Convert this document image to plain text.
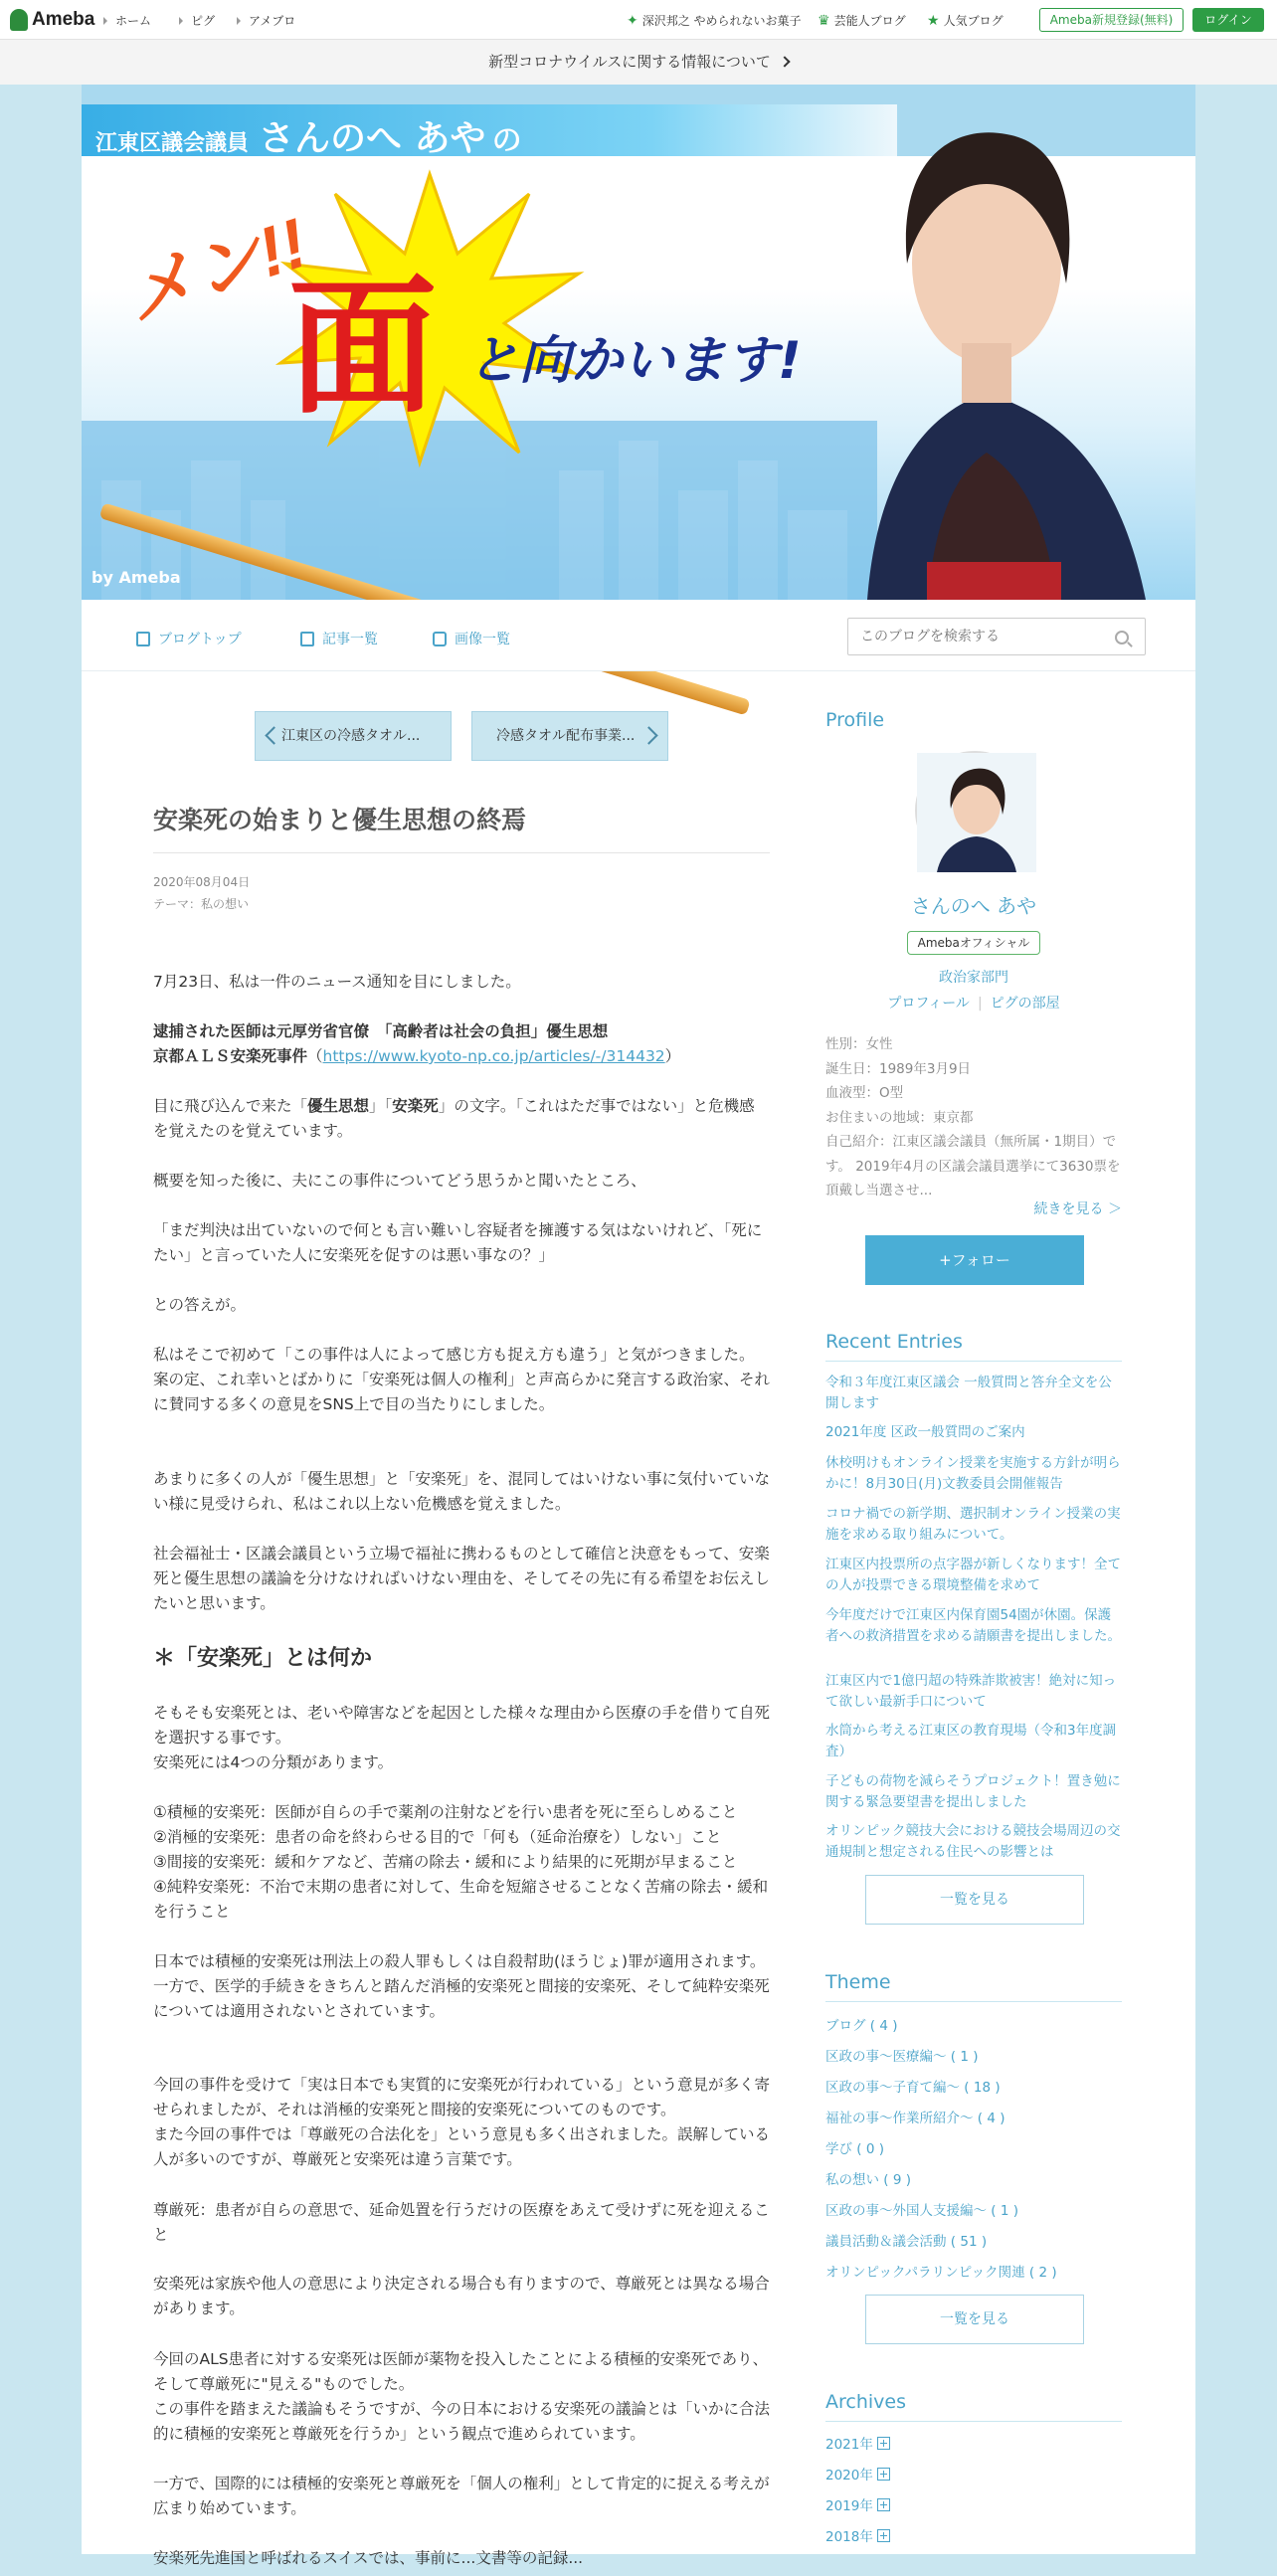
Ameba	ホーム	ピグ	アメブロ	✦ 深沢邦之 やめられないお菓子 ♛ 芸能人ブログ ★ 人気ブログ	Ameba新規登録(無料)	ログイン
新型コロナウイルスに関する情報について
江東区議会議員 さんのへ あや の
メン!!
面 と向かいます!
by Ameba
ブログトップ	記事一覧	画像一覧
このブログを検索する
江東区の冷感タオル...	冷感タオル配布事業...
安楽死の始まりと優生思想の終焉
2020年08月04日
テーマ：私の想い
7月23日、私は一件のニュース通知を目にしました。
逮捕された医師は元厚労省官僚　「高齢者は社会の負担」優生思想
京都ＡＬＳ安楽死事件（https://www.kyoto-np.co.jp/articles/-/314432）
目に飛び込んで来た「優生思想」「安楽死」の文字。「これはただ事ではない」と危機感を覚えたのを覚えています。
概要を知った後に、夫にこの事件についてどう思うかと聞いたところ、
「まだ判決は出ていないので何とも言い難いし容疑者を擁護する気はないけれど、「死にたい」と言っていた人に安楽死を促すのは悪い事なの？」
との答えが。
私はそこで初めて「この事件は人によって感じ方も捉え方も違う」と気がつきました。
案の定、これ幸いとばかりに「安楽死は個人の権利」と声高らかに発言する政治家、それに賛同する多くの意見をSNS上で目の当たりにしました。
あまりに多くの人が「優生思想」と「安楽死」を、混同してはいけない事に気付いていない様に見受けられ、私はこれ以上ない危機感を覚えました。
社会福祉士・区議会議員という立場で福祉に携わるものとして確信と決意をもって、安楽死と優生思想の議論を分けなければいけない理由を、そしてその先に有る希望をお伝えしたいと思います。
＊「安楽死」とは何か
そもそも安楽死とは、老いや障害などを起因とした様々な理由から医療の手を借りて自死を選択する事です。
安楽死には4つの分類があります。
①積極的安楽死：医師が自らの手で薬剤の注射などを行い患者を死に至らしめること
②消極的安楽死：患者の命を終わらせる目的で「何も（延命治療を）しない」こと
③間接的安楽死：緩和ケアなど、苦痛の除去・緩和により結果的に死期が早まること
④純粋安楽死：不治で末期の患者に対して、生命を短縮させることなく苦痛の除去・緩和を行うこと
日本では積極的安楽死は刑法上の殺人罪もしくは自殺幇助(ほうじょ)罪が適用されます。
一方で、医学的手続きをきちんと踏んだ消極的安楽死と間接的安楽死、そして純粋安楽死については適用されないとされています。
今回の事件を受けて「実は日本でも実質的に安楽死が行われている」という意見が多く寄せられましたが、それは消極的安楽死と間接的安楽死についてのものです。
また今回の事件では「尊厳死の合法化を」という意見も多く出されました。誤解している人が多いのですが、尊厳死と安楽死は違う言葉です。
尊厳死：患者が自らの意思で、延命処置を行うだけの医療をあえて受けずに死を迎えること
安楽死は家族や他人の意思により決定される場合も有りますので、尊厳死とは異なる場合があります。
今回のALS患者に対する安楽死は医師が薬物を投入したことによる積極的安楽死であり、そして尊厳死に"見える"ものでした。
この事件を踏まえた議論もそうですが、今の日本における安楽死の議論とは「いかに合法的に積極的安楽死と尊厳死を行うか」という観点で進められています。
一方で、国際的には積極的安楽死と尊厳死を「個人の権利」として肯定的に捉える考えが広まり始めています。
安楽死先進国と呼ばれるスイスでは、事前に...文書等の記録...
Profile
さんのへ あや
Amebaオフィシャル
政治家部門
プロフィール | ピグの部屋
性別：女性
誕生日：1989年3月9日
血液型：O型
お住まいの地域：東京都
自己紹介：江東区議会議員（無所属・1期目）です。 2019年4月の区議会議員選挙にて3630票を頂戴し当選させ...
続きを見る ＞
+フォロー
Recent Entries
令和３年度江東区議会 一般質問と答弁全文を公開します
2021年度 区政一般質問のご案内
休校明けもオンライン授業を実施する方針が明らかに！8月30日(月)文教委員会開催報告
コロナ禍での新学期、選択制オンライン授業の実施を求める取り組みについて。
江東区内投票所の点字器が新しくなります！全ての人が投票できる環境整備を求めて
今年度だけで江東区内保育園54園が休園。保護者への救済措置を求める請願書を提出しました。
江東区内で1億円超の特殊詐欺被害！絶対に知って欲しい最新手口について
水筒から考える江東区の教育現場（令和3年度調査）
子どもの荷物を減らそうプロジェクト！置き勉に関する緊急要望書を提出しました
オリンピック競技大会における競技会場周辺の交通規制と想定される住民への影響とは
一覧を見る
Theme
ブログ ( 4 )
区政の事〜医療編〜 ( 1 )
区政の事〜子育て編〜 ( 18 )
福祉の事〜作業所紹介〜 ( 4 )
学び ( 0 )
私の想い ( 9 )
区政の事〜外国人支援編〜 ( 1 )
議員活動＆議会活動 ( 51 )
オリンピックパラリンピック関連 ( 2 )
一覧を見る
Archives
2021年
2020年
2019年
2018年
